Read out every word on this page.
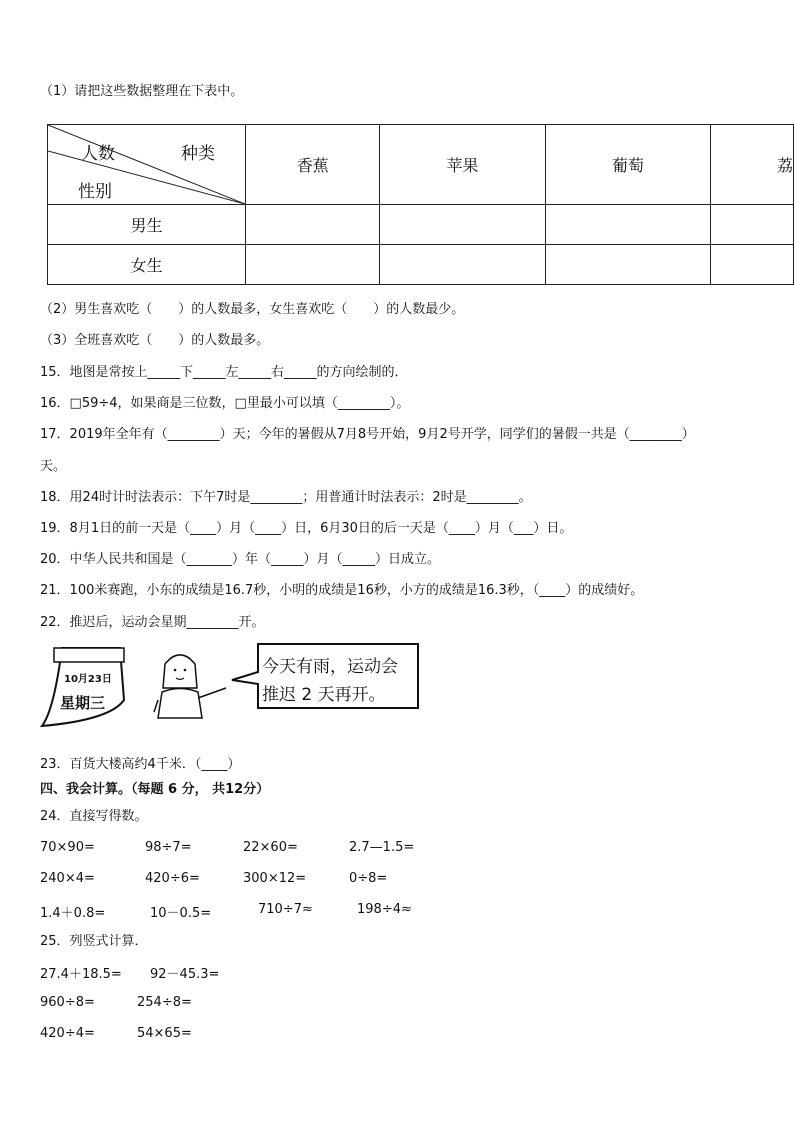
（1）请把这些数据整理在下表中。
人数 种类
性别	香蕉	苹果	葡萄	荔
男生				
女生				
（2）男生喜欢吃（　　）的人数最多，女生喜欢吃（　　）的人数最少。
（3）全班喜欢吃（　　）的人数最多。
15．地图是常按上_____下_____左_____右_____的方向绘制的．
16．□59÷4，如果商是三位数，□里最小可以填（________）。
17．2019年全年有（________）天；今年的暑假从7月8号开始，9月2号开学，同学们的暑假一共是（________）
天。
18．用24时计时法表示：下午7时是________；用普通计时法表示：2时是________。
19．8月1日的前一天是（____）月（____）日，6月30日的后一天是（____）月（___）日。
20．中华人民共和国是（_______）年（_____）月（_____）日成立。
21．100米赛跑，小东的成绩是16.7秒，小明的成绩是16秒，小方的成绩是16.3秒，（____）的成绩好。
22．推迟后，运动会星期________开。
10月23日
星期三
今天有雨，运动会
推迟 2 天再开。
23．百货大楼高约4千米．（____）
四、我会计算。（每题 6 分， 共12分）
24．直接写得数。
70×90=	98÷7=	22×60=	2.7—1.5=
240×4=	420÷6=	300×12=	0÷8=
1.4＋0.8=	10－0.5=	710÷7≈	198÷4≈
25．列竖式计算．
27.4＋18.5= 92－45.3=
960÷8=	254÷8=
420÷4=	54×65=
